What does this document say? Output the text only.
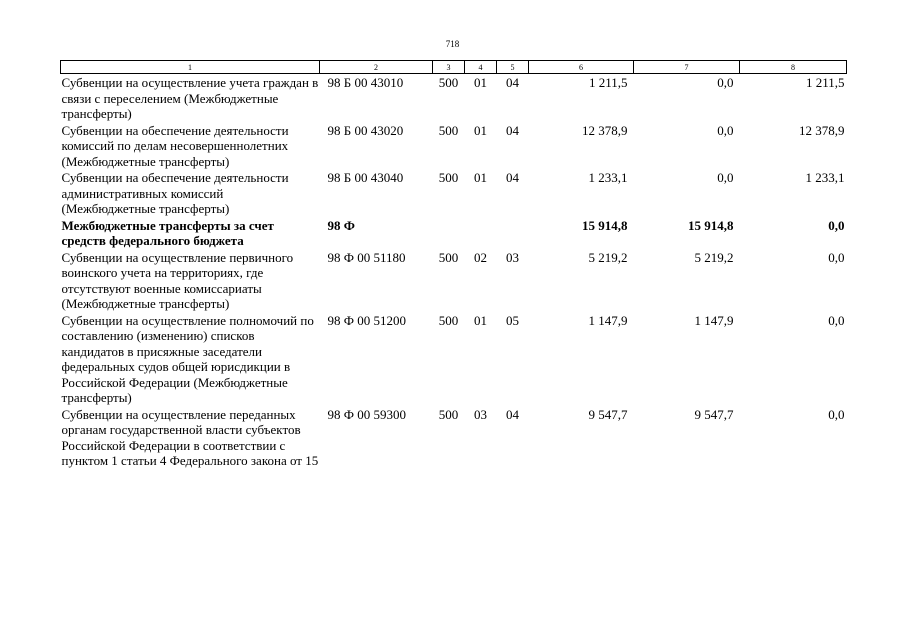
718
1	2	3	4	5	6	7	8
Субвенции на осуществление учета граждан в связи с переселением (Межбюджетные трансферты)	98 Б 00 43010	500	01	04	1 211,5	0,0	1 211,5
Субвенции на обеспечение деятельности комиссий по делам несовершеннолетних (Межбюджетные трансферты)	98 Б 00 43020	500	01	04	12 378,9	0,0	12 378,9
Субвенции на обеспечение деятельности административных комиссий (Межбюджетные трансферты)	98 Б 00 43040	500	01	04	1 233,1	0,0	1 233,1
Межбюджетные трансферты за счет средств федерального бюджета	98 Ф				15 914,8	15 914,8	0,0
Субвенции на осуществление первичного воинского учета на территориях, где отсутствуют военные комиссариаты (Межбюджетные трансферты)	98 Ф 00 51180	500	02	03	5 219,2	5 219,2	0,0
Субвенции на осуществление полномочий по составлению (изменению) списков кандидатов в присяжные заседатели федеральных судов общей юрисдикции в Российской Федерации (Межбюджетные трансферты)	98 Ф 00 51200	500	01	05	1 147,9	1 147,9	0,0
Субвенции на осуществление переданных органам государственной власти субъектов Российской Федерации в соответствии с пунктом 1 статьи 4 Федерального закона от 15	98 Ф 00 59300	500	03	04	9 547,7	9 547,7	0,0
